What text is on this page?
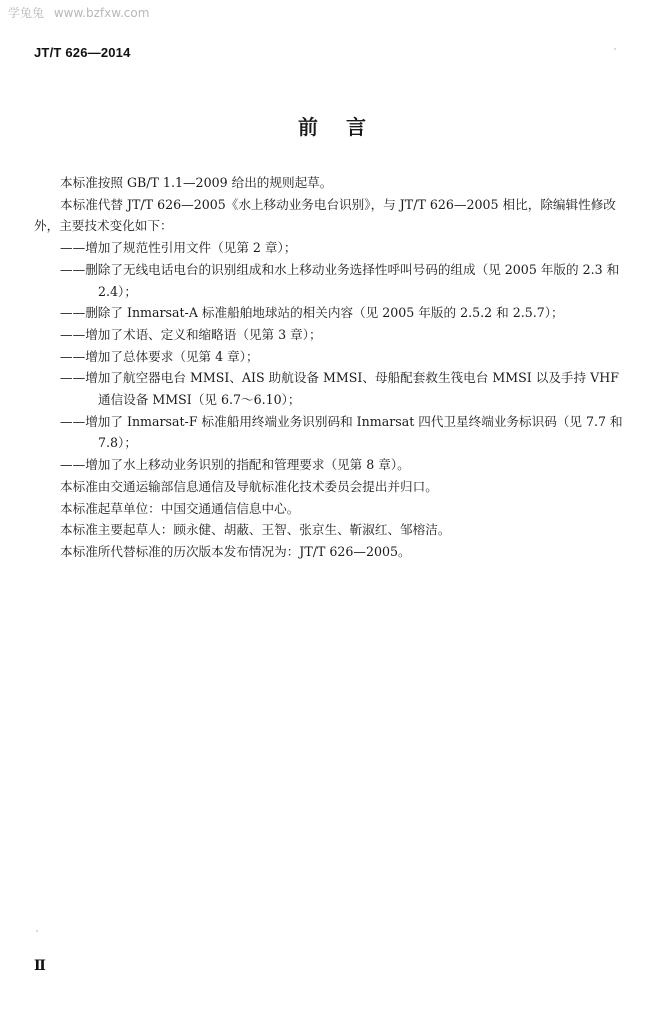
学兔兔 www.bzfxw.com
JT/T 626—2014
前言

本标准按照 GB/T 1.1—2009 给出的规则起草。

本标准代替 JT/T 626—2005《水上移动业务电台识别》，与 JT/T 626—2005 相比，除编辑性修改外，主要技术变化如下：

——增加了规范性引用文件（见第 2 章）；

——删除了无线电话电台的识别组成和水上移动业务选择性呼叫号码的组成（见 2005 年版的 2.3 和 2.4）；

——删除了 Inmarsat-A 标准船舶地球站的相关内容（见 2005 年版的 2.5.2 和 2.5.7）；

——增加了术语、定义和缩略语（见第 3 章）；

——增加了总体要求（见第 4 章）；

——增加了航空器电台 MMSI、AIS 助航设备 MMSI、母船配套救生筏电台 MMSI 以及手持 VHF 通信设备 MMSI（见 6.7～6.10）；

——增加了 Inmarsat-F 标准船用终端业务识别码和 Inmarsat 四代卫星终端业务标识码（见 7.7 和 7.8）；

——增加了水上移动业务识别的指配和管理要求（见第 8 章）。

本标准由交通运输部信息通信及导航标准化技术委员会提出并归口。

本标准起草单位：中国交通通信信息中心。

本标准主要起草人：顾永健、胡蔽、王智、张京生、靳淑红、邹榕洁。

本标准所代替标准的历次版本发布情况为：JT/T 626—2005。

Ⅱ
